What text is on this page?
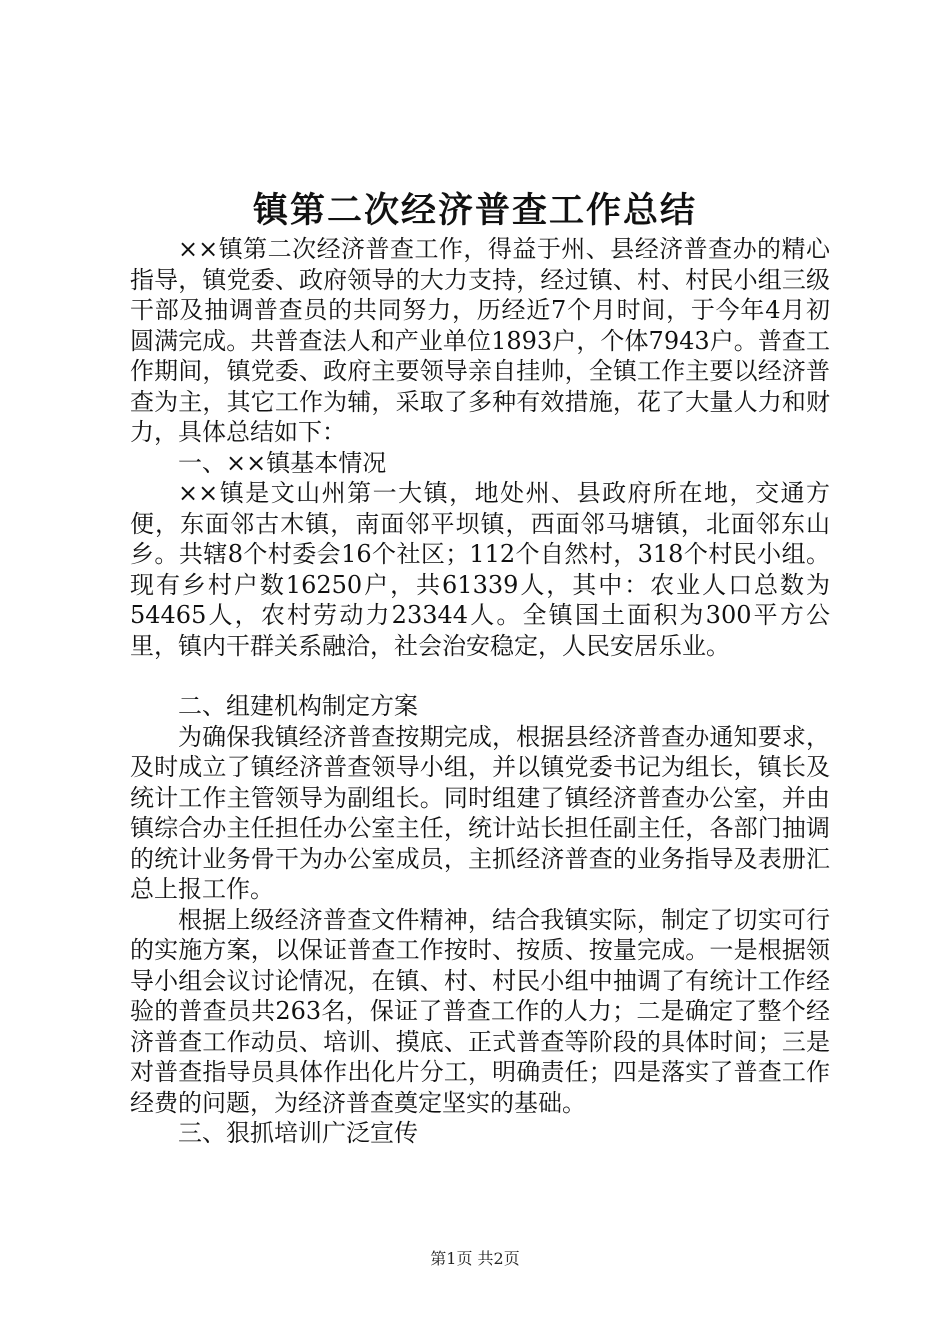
镇第二次经济普查工作总结

××镇第二次经济普查工作，得益于州、县经济普查办的精心指导，镇党委、政府领导的大力支持，经过镇、村、村民小组三级干部及抽调普查员的共同努力，历经近7个月时间，于今年4月初圆满完成。共普查法人和产业单位1893户，个体7943户。普查工作期间，镇党委、政府主要领导亲自挂帅，全镇工作主要以经济普查为主，其它工作为辅，采取了多种有效措施，花了大量人力和财力，具体总结如下：

一、××镇基本情况

××镇是文山州第一大镇，地处州、县政府所在地，交通方便，东面邻古木镇，南面邻平坝镇，西面邻马塘镇，北面邻东山乡。共辖8个村委会16个社区；112个自然村，318个村民小组。现有乡村户数16250户，共61339人，其中：农业人口总数为54465人，农村劳动力23344人。全镇国土面积为300平方公里，镇内干群关系融洽，社会治安稳定，人民安居乐业。

二、组建机构制定方案

为确保我镇经济普查按期完成，根据县经济普查办通知要求，及时成立了镇经济普查领导小组，并以镇党委书记为组长，镇长及统计工作主管领导为副组长。同时组建了镇经济普查办公室，并由镇综合办主任担任办公室主任，统计站长担任副主任，各部门抽调的统计业务骨干为办公室成员，主抓经济普查的业务指导及表册汇总上报工作。

根据上级经济普查文件精神，结合我镇实际，制定了切实可行的实施方案，以保证普查工作按时、按质、按量完成。一是根据领导小组会议讨论情况，在镇、村、村民小组中抽调了有统计工作经验的普查员共263名，保证了普查工作的人力；二是确定了整个经济普查工作动员、培训、摸底、正式普查等阶段的具体时间；三是对普查指导员具体作出化片分工，明确责任；四是落实了普查工作经费的问题，为经济普查奠定坚实的基础。

三、狠抓培训广泛宣传

第1页 共2页
